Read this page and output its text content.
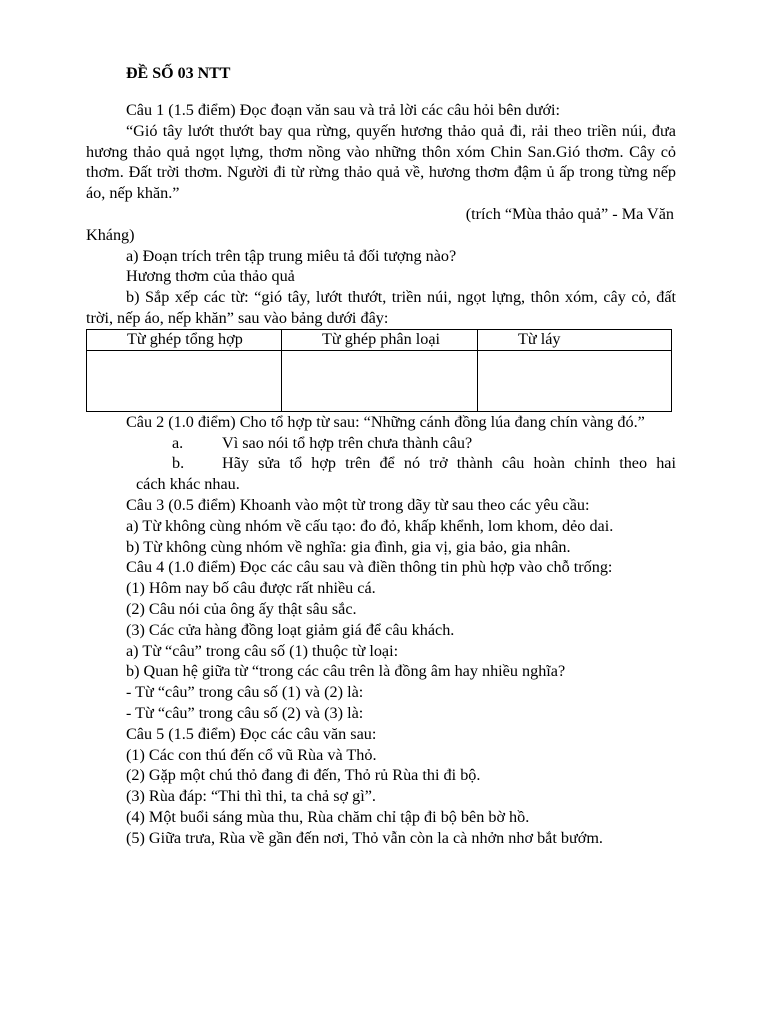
ĐỀ SỐ 03 NTT
Câu 1 (1.5 điểm) Đọc đoạn văn sau và trả lời các câu hỏi bên dưới:
“Gió tây lướt thướt bay qua rừng, quyến hương thảo quả đi, rải theo triền núi, đưa hương thảo quả ngọt lựng, thơm nồng vào những thôn xóm Chin San.Gió thơm. Cây cỏ thơm. Đất trời thơm. Người đi từ rừng thảo quả về, hương thơm đậm ủ ấp trong từng nếp áo, nếp khăn.”
(trích “Mùa thảo quả” - Ma Văn
Kháng)
a) Đoạn trích trên tập trung miêu tả đối tượng nào?
Hương thơm của thảo quả
b) Sắp xếp các từ: “gió tây, lướt thướt, triền núi, ngọt lựng, thôn xóm, cây cỏ, đất trời, nếp áo, nếp khăn” sau vào bảng dưới đây:
Từ ghép tổng hợp	Từ ghép phân loại	Từ láy

Câu 2 (1.0 điểm) Cho tổ hợp từ sau: “Những cánh đồng lúa đang chín vàng đó.”
a.	Vì sao nói tổ hợp trên chưa thành câu?
b.	Hãy sửa tổ hợp trên để nó trở thành câu hoàn chỉnh theo hai
cách khác nhau.
Câu 3 (0.5 điểm) Khoanh vào một từ trong dãy từ sau theo các yêu cầu:
a) Từ không cùng nhóm về cấu tạo: đo đỏ, khấp khểnh, lom khom, dẻo dai.
b) Từ không cùng nhóm về nghĩa: gia đình, gia vị, gia bảo, gia nhân.
Câu 4 (1.0 điểm) Đọc các câu sau và điền thông tin phù hợp vào chỗ trống:
(1) Hôm nay bố câu được rất nhiều cá.
(2) Câu nói của ông ấy thật sâu sắc.
(3) Các cửa hàng đồng loạt giảm giá để câu khách.
a) Từ “câu” trong câu số (1) thuộc từ loại:
b) Quan hệ giữa từ “trong các câu trên là đồng âm hay nhiều nghĩa?
- Từ “câu” trong câu số (1) và (2) là:
- Từ “câu” trong câu số (2) và (3) là:
Câu 5 (1.5 điểm) Đọc các câu văn sau:
(1) Các con thú đến cổ vũ Rùa và Thỏ.
(2) Gặp một chú thỏ đang đi đến, Thỏ rủ Rùa thi đi bộ.
(3) Rùa đáp: “Thi thì thi, ta chả sợ gì”.
(4) Một buổi sáng mùa thu, Rùa chăm chỉ tập đi bộ bên bờ hồ.
(5) Giữa trưa, Rùa về gần đến nơi, Thỏ vẫn còn la cà nhởn nhơ bắt bướm.
